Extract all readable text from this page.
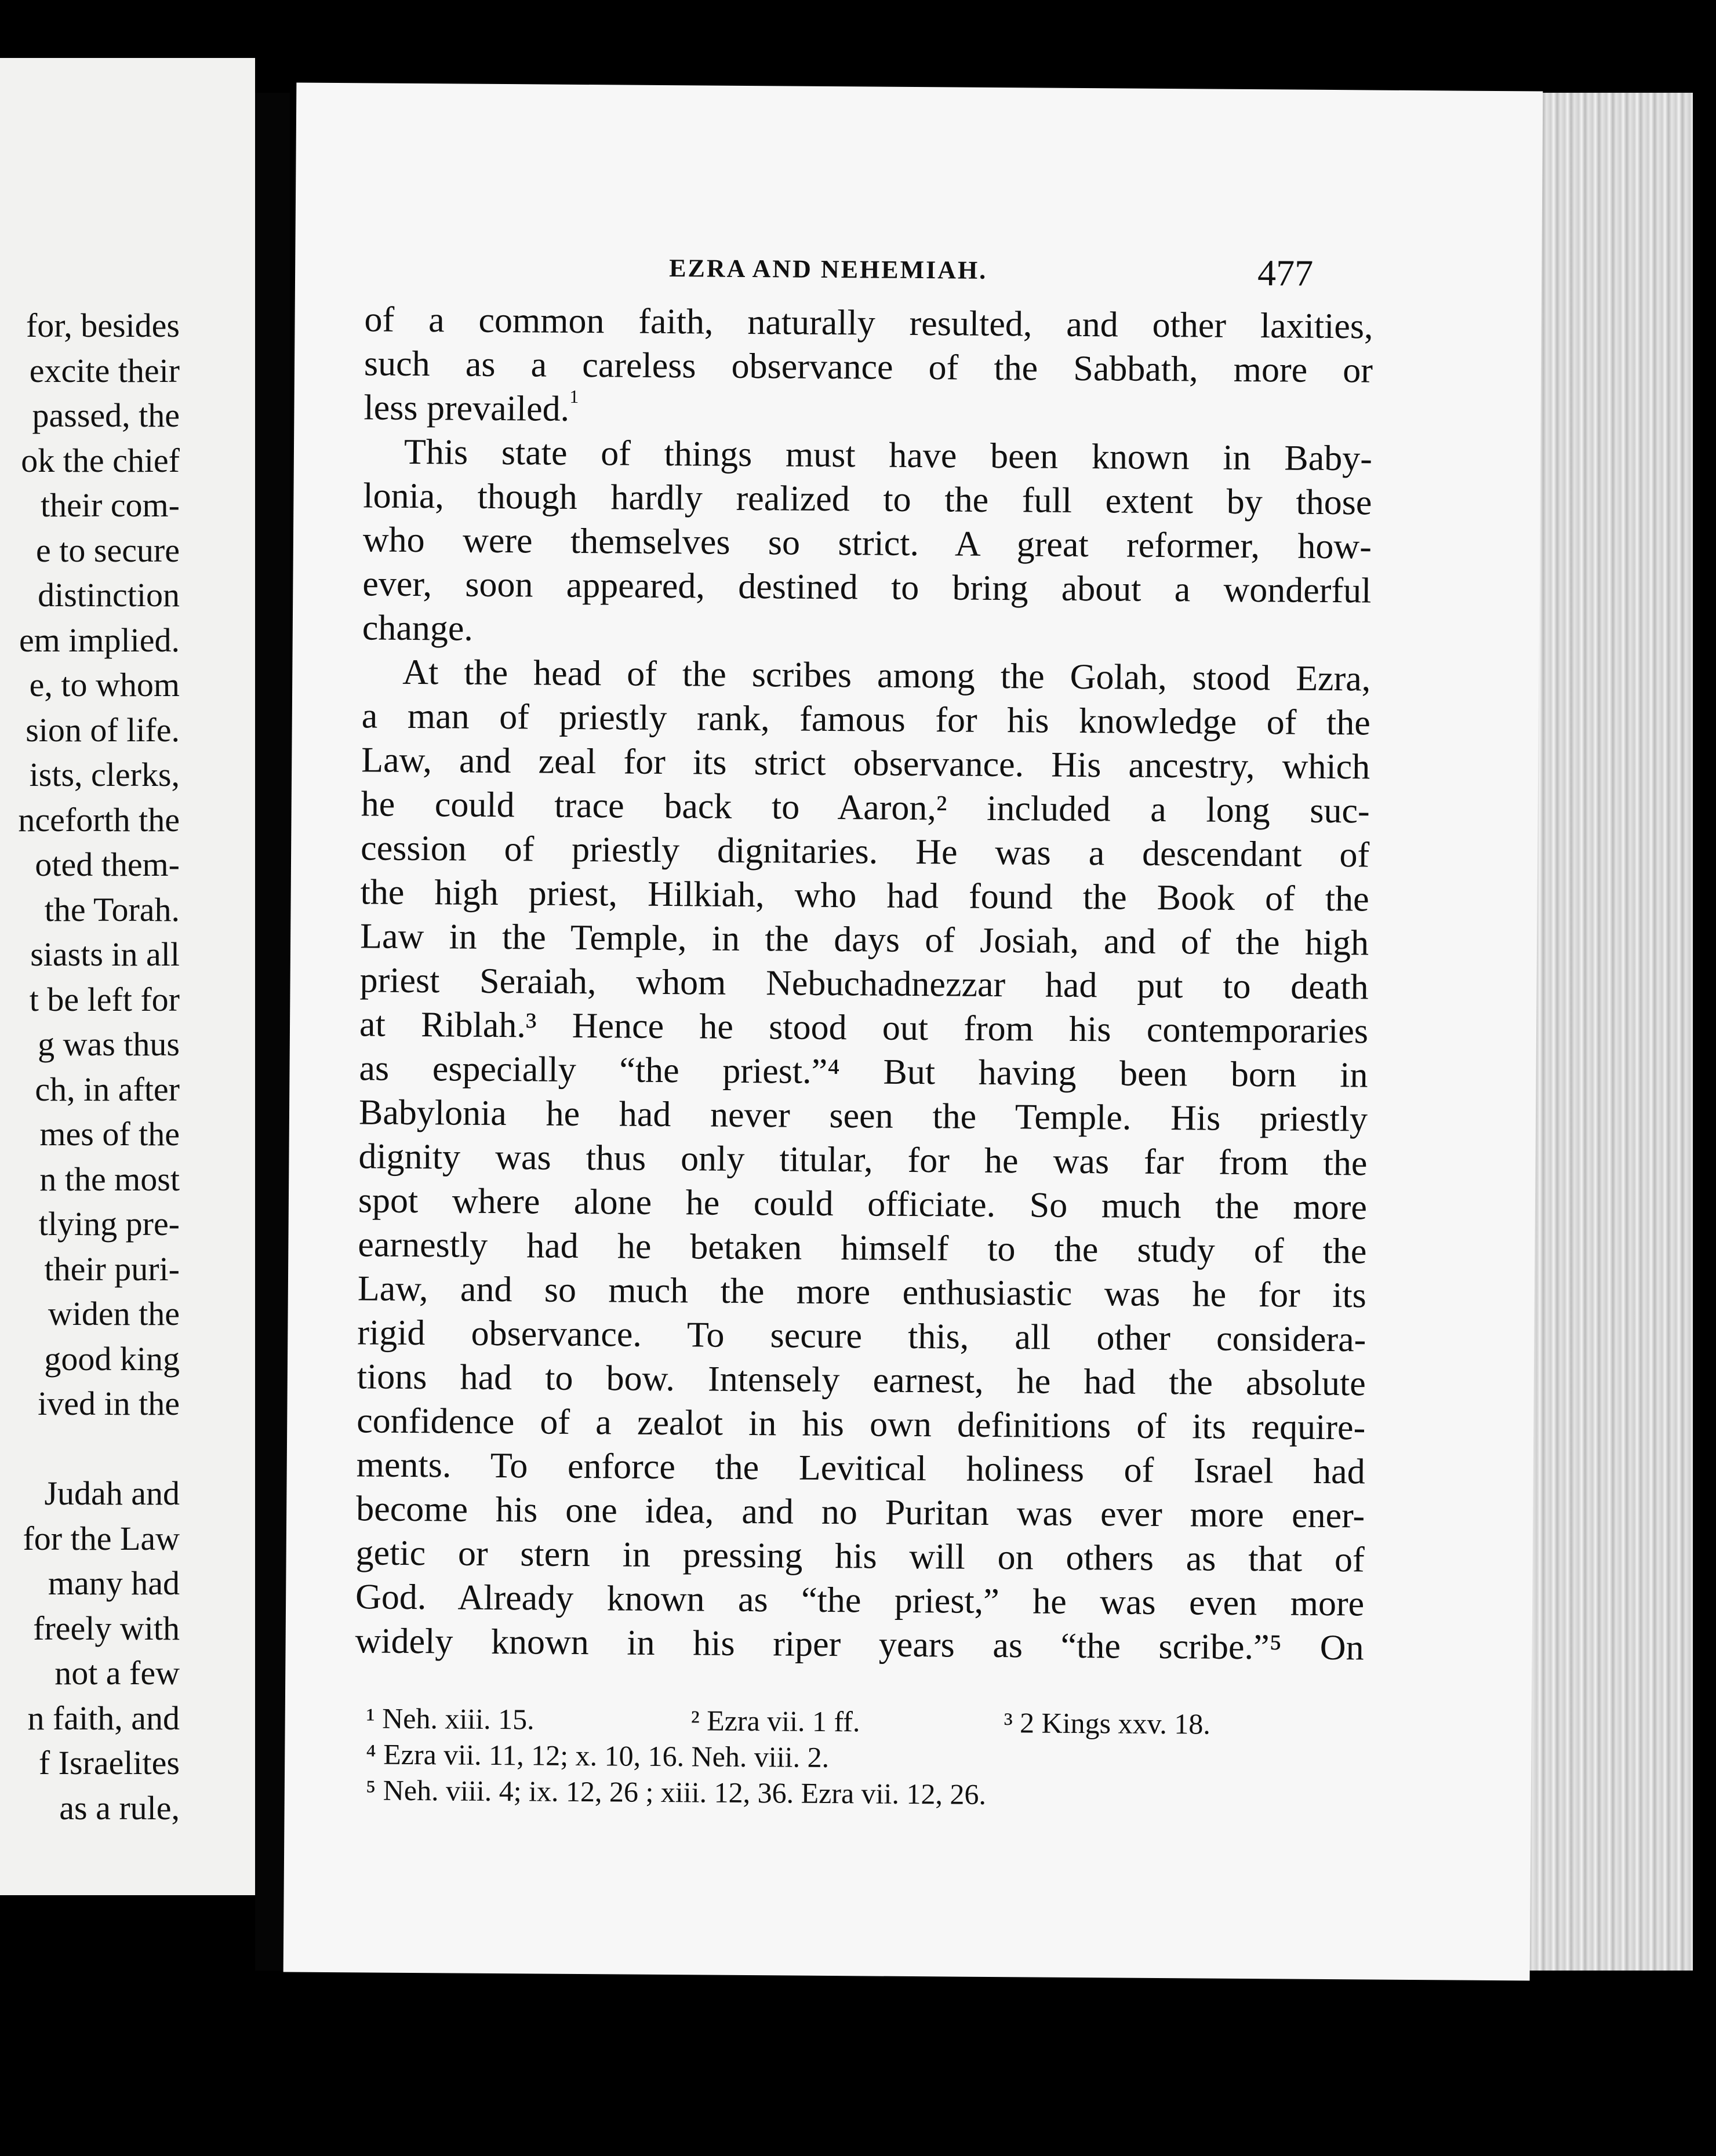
for, besides
excite their
passed, the
ok the chief
their com-
e to secure
distinction
em implied.
e, to whom
sion of life.
ists, clerks,
nceforth the
oted them-
the Torah.
siasts in all
t be left for
g was thus
ch, in after
mes of the
n the most
tlying pre-
their puri-
widen the
good king
ived in the
Judah and
for the Law
many had
freely with
not a few
n faith, and
f Israelites
as a rule,
EZRA AND NEHEMIAH.	477
of a common faith, naturally resulted, and other laxities,
such as a careless observance of the Sabbath, more or
less prevailed.$^1$
This state of things must have been known in Baby-
lonia, though hardly realized to the full extent by those
who were themselves so strict. A great reformer, how-
ever, soon appeared, destined to bring about a wonderful
change.
At the head of the scribes among the Golah, stood Ezra,
a man of priestly rank, famous for his knowledge of the
Law, and zeal for its strict observance. His ancestry, which
he could trace back to Aaron,² included a long suc-
cession of priestly dignitaries. He was a descendant of
the high priest, Hilkiah, who had found the Book of the
Law in the Temple, in the days of Josiah, and of the high
priest Seraiah, whom Nebuchadnezzar had put to death
at Riblah.³ Hence he stood out from his contemporaries
as especially “the priest.”⁴ But having been born in
Babylonia he had never seen the Temple. His priestly
dignity was thus only titular, for he was far from the
spot where alone he could officiate. So much the more
earnestly had he betaken himself to the study of the
Law, and so much the more enthusiastic was he for its
rigid observance. To secure this, all other considera-
tions had to bow. Intensely earnest, he had the absolute
confidence of a zealot in his own definitions of its require-
ments. To enforce the Levitical holiness of Israel had
become his one idea, and no Puritan was ever more ener-
getic or stern in pressing his will on others as that of
God. Already known as “the priest,” he was even more
widely known in his riper years as “the scribe.”⁵ On
¹ Neh. xiii. 15.	² Ezra vii. 1 ff.	³ 2 Kings xxv. 18.
⁴ Ezra vii. 11, 12; x. 10, 16. Neh. viii. 2.
⁵ Neh. viii. 4; ix. 12, 26 ; xiii. 12, 36. Ezra vii. 12, 26.
